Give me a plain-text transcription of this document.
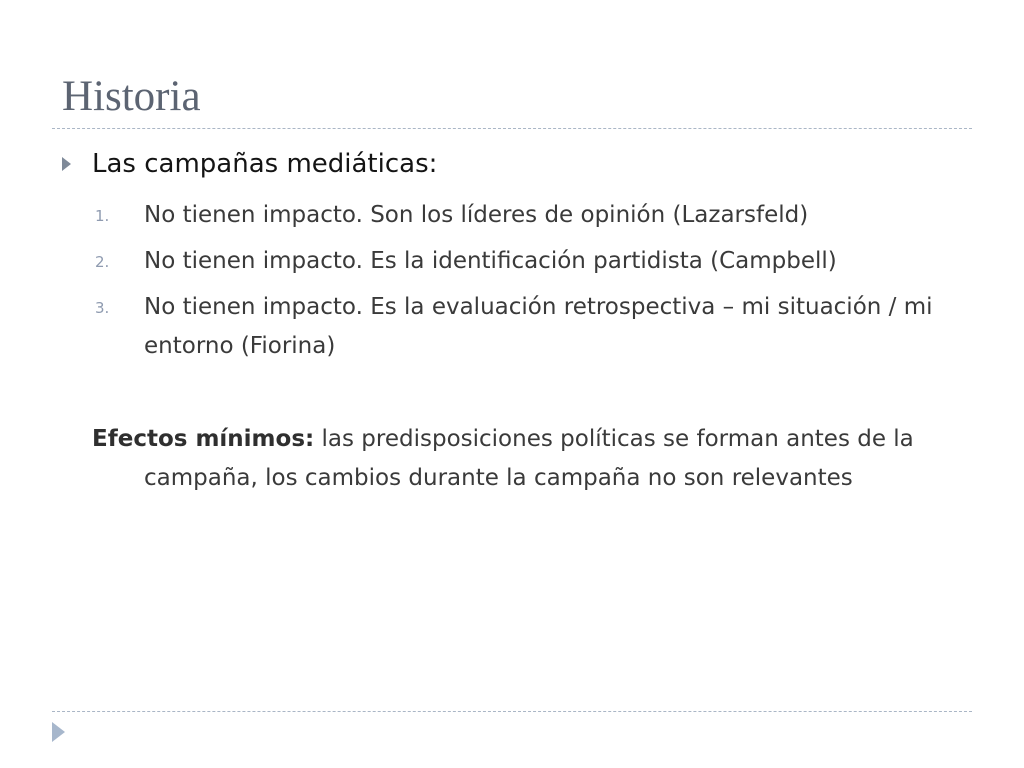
Historia
Las campañas mediáticas:
1. No tienen impacto. Son los líderes de opinión (Lazarsfeld)
2. No tienen impacto. Es la identificación partidista (Campbell)
3. No tienen impacto. Es la evaluación retrospectiva – mi situación / mi entorno (Fiorina)
Efectos mínimos: las predisposiciones políticas se forman antes de la campaña, los cambios durante la campaña no son relevantes
